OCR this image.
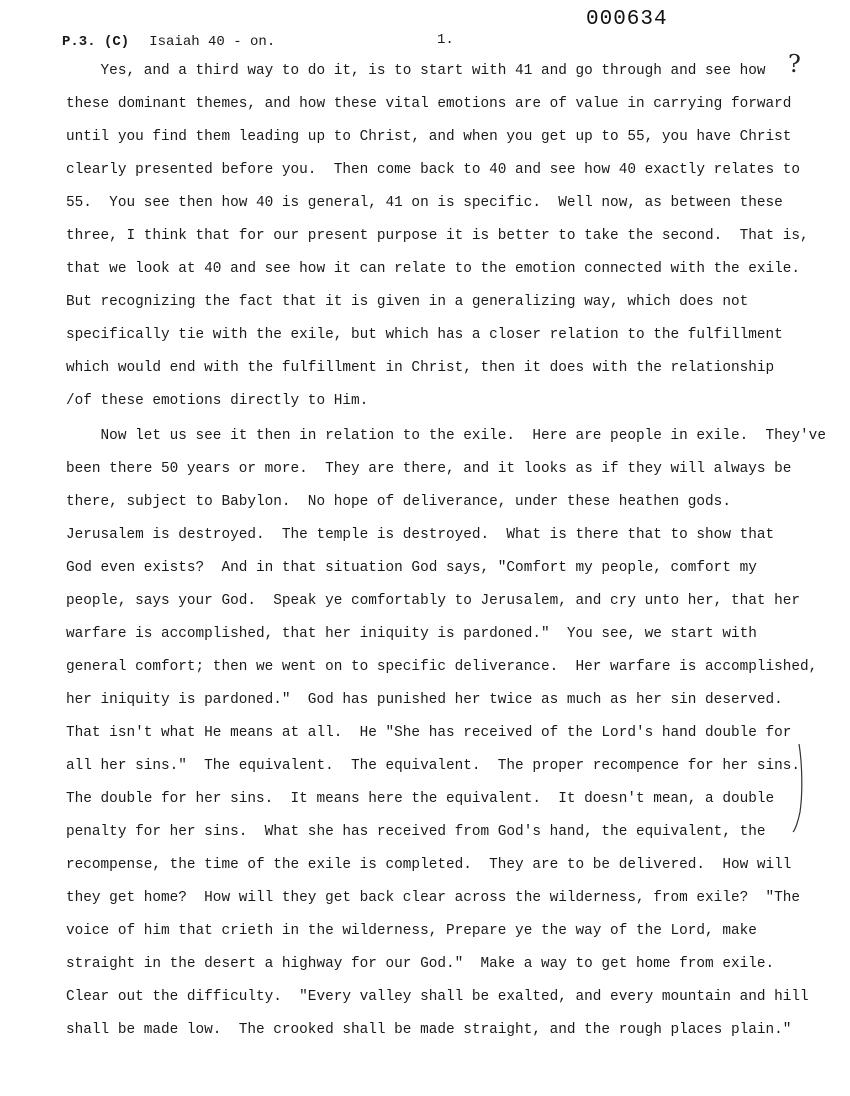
000634
P.3. (C) Isaiah 40 - on.	1.
?
Yes, and a third way to do it, is to start with 41 and go through and see how
these dominant themes, and how these vital emotions are of value in carrying forward
until you find them leading up to Christ, and when you get up to 55, you have Christ
clearly presented before you.  Then come back to 40 and see how 40 exactly relates to
55.  You see then how 40 is general, 41 on is specific.  Well now, as between these
three, I think that for our present purpose it is better to take the second.  That is,
that we look at 40 and see how it can relate to the emotion connected with the exile.
But recognizing the fact that it is given in a generalizing way, which does not
specifically tie with the exile, but which has a closer relation to the fulfillment
which would end with the fulfillment in Christ, then it does with the relationship
/of these emotions directly to Him.
Now let us see it then in relation to the exile.  Here are people in exile.  They've
been there 50 years or more.  They are there, and it looks as if they will always be
there, subject to Babylon.  No hope of deliverance, under these heathen gods.
Jerusalem is destroyed.  The temple is destroyed.  What is there that to show that
God even exists?  And in that situation God says, "Comfort my people, comfort my
people, says your God.  Speak ye comfortably to Jerusalem, and cry unto her, that her
warfare is accomplished, that her iniquity is pardoned."  You see, we start with
general comfort; then we went on to specific deliverance.  Her warfare is accomplished,
her iniquity is pardoned."  God has punished her twice as much as her sin deserved.
That isn't what He means at all.  He "She has received of the Lord's hand double for
all her sins."  The equivalent.  The equivalent.  The proper recompence for her sins.
The double for her sins.  It means here the equivalent.  It doesn't mean, a double
penalty for her sins.  What she has received from God's hand, the equivalent, the
recompense, the time of the exile is completed.  They are to be delivered.  How will
they get home?  How will they get back clear across the wilderness, from exile?  "The
voice of him that crieth in the wilderness, Prepare ye the way of the Lord, make
straight in the desert a highway for our God."  Make a way to get home from exile.
Clear out the difficulty.  "Every valley shall be exalted, and every mountain and hill
shall be made low.  The crooked shall be made straight, and the rough places plain."
